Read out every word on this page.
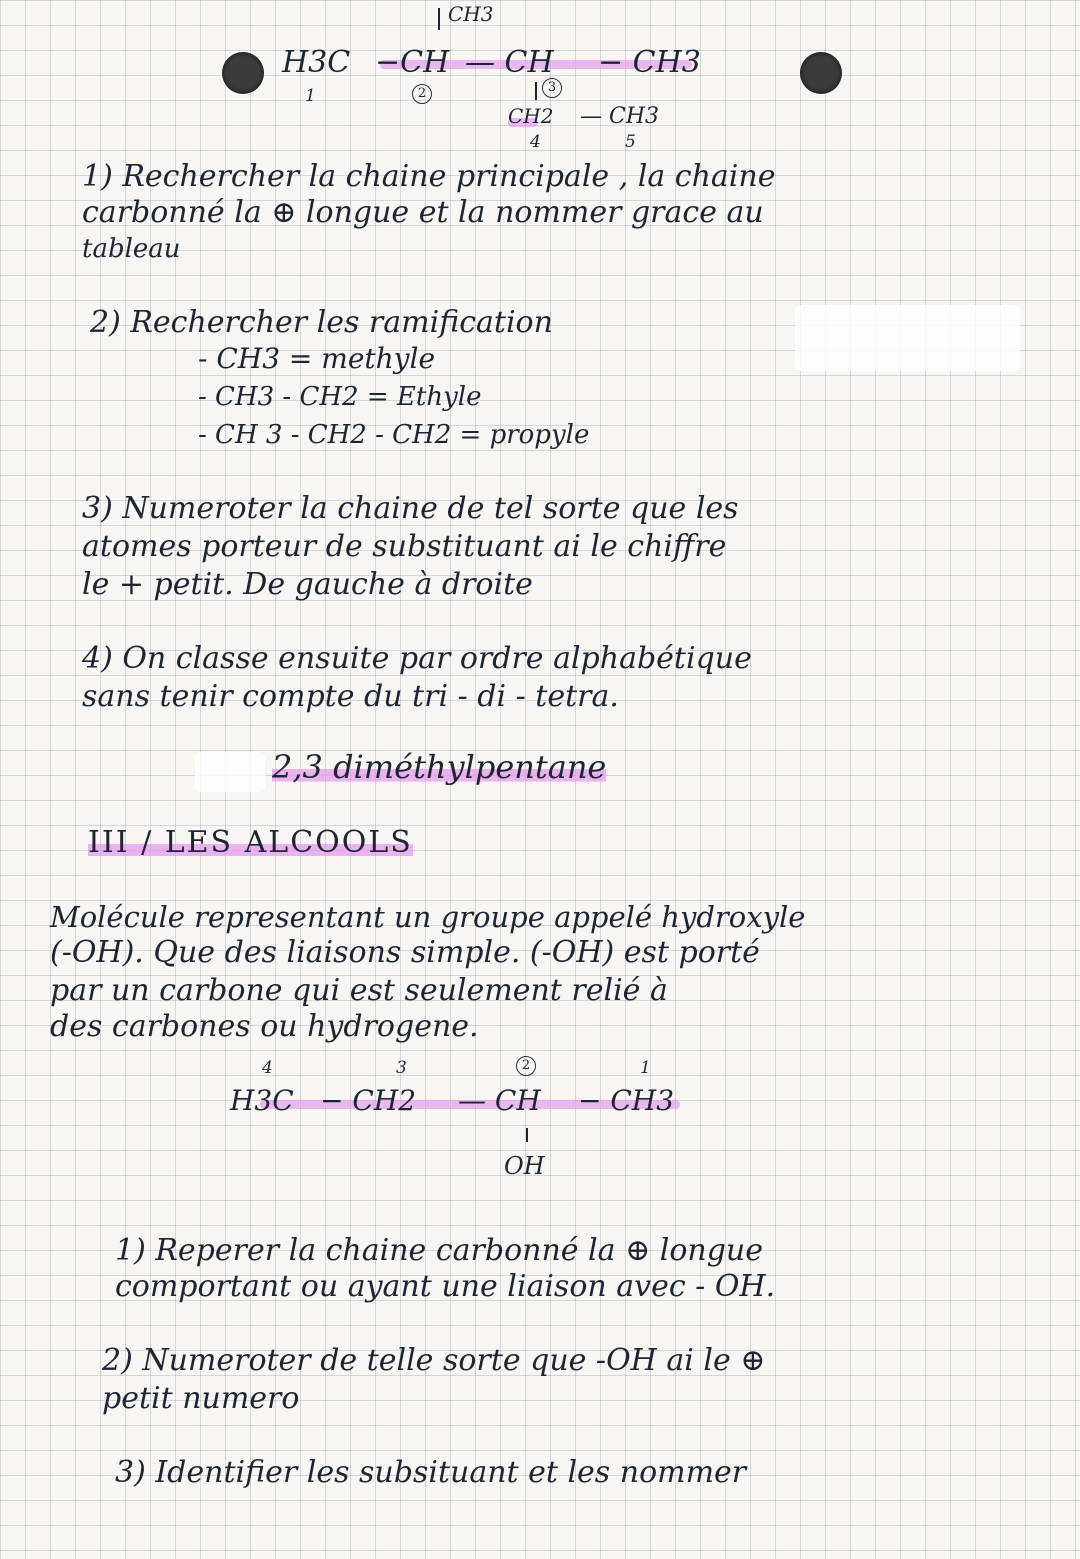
CH3
H3C −CH — CH − CH3
1	2	3
CH2 — CH3
4	5
1) Rechercher la chaine principale , la chaine
carbonné la ⊕ longue et la nommer grace au
tableau
2) Rechercher les ramification
- CH3 = methyle
- CH3 - CH2 = Ethyle
- CH 3 - CH2 - CH2 = propyle
3) Numeroter la chaine de tel sorte que les
atomes porteur de substituant ai le chiffre
le + petit. De gauche à droite
4) On classe ensuite par ordre alphabétique
sans tenir compte du tri - di - tetra.
2,3 diméthylpentane
III / LES ALCOOLS
Molécule representant un groupe appelé hydroxyle
(-OH). Que des liaisons simple. (-OH) est porté
par un carbone qui est seulement relié à
des carbones ou hydrogene.
4	3	2	1
H3C − CH2 — CH − CH3
OH
1) Reperer la chaine carbonné la ⊕ longue
comportant ou ayant une liaison avec - OH.
2) Numeroter de telle sorte que -OH ai le ⊕
petit numero
3) Identifier les subsituant et les nommer
